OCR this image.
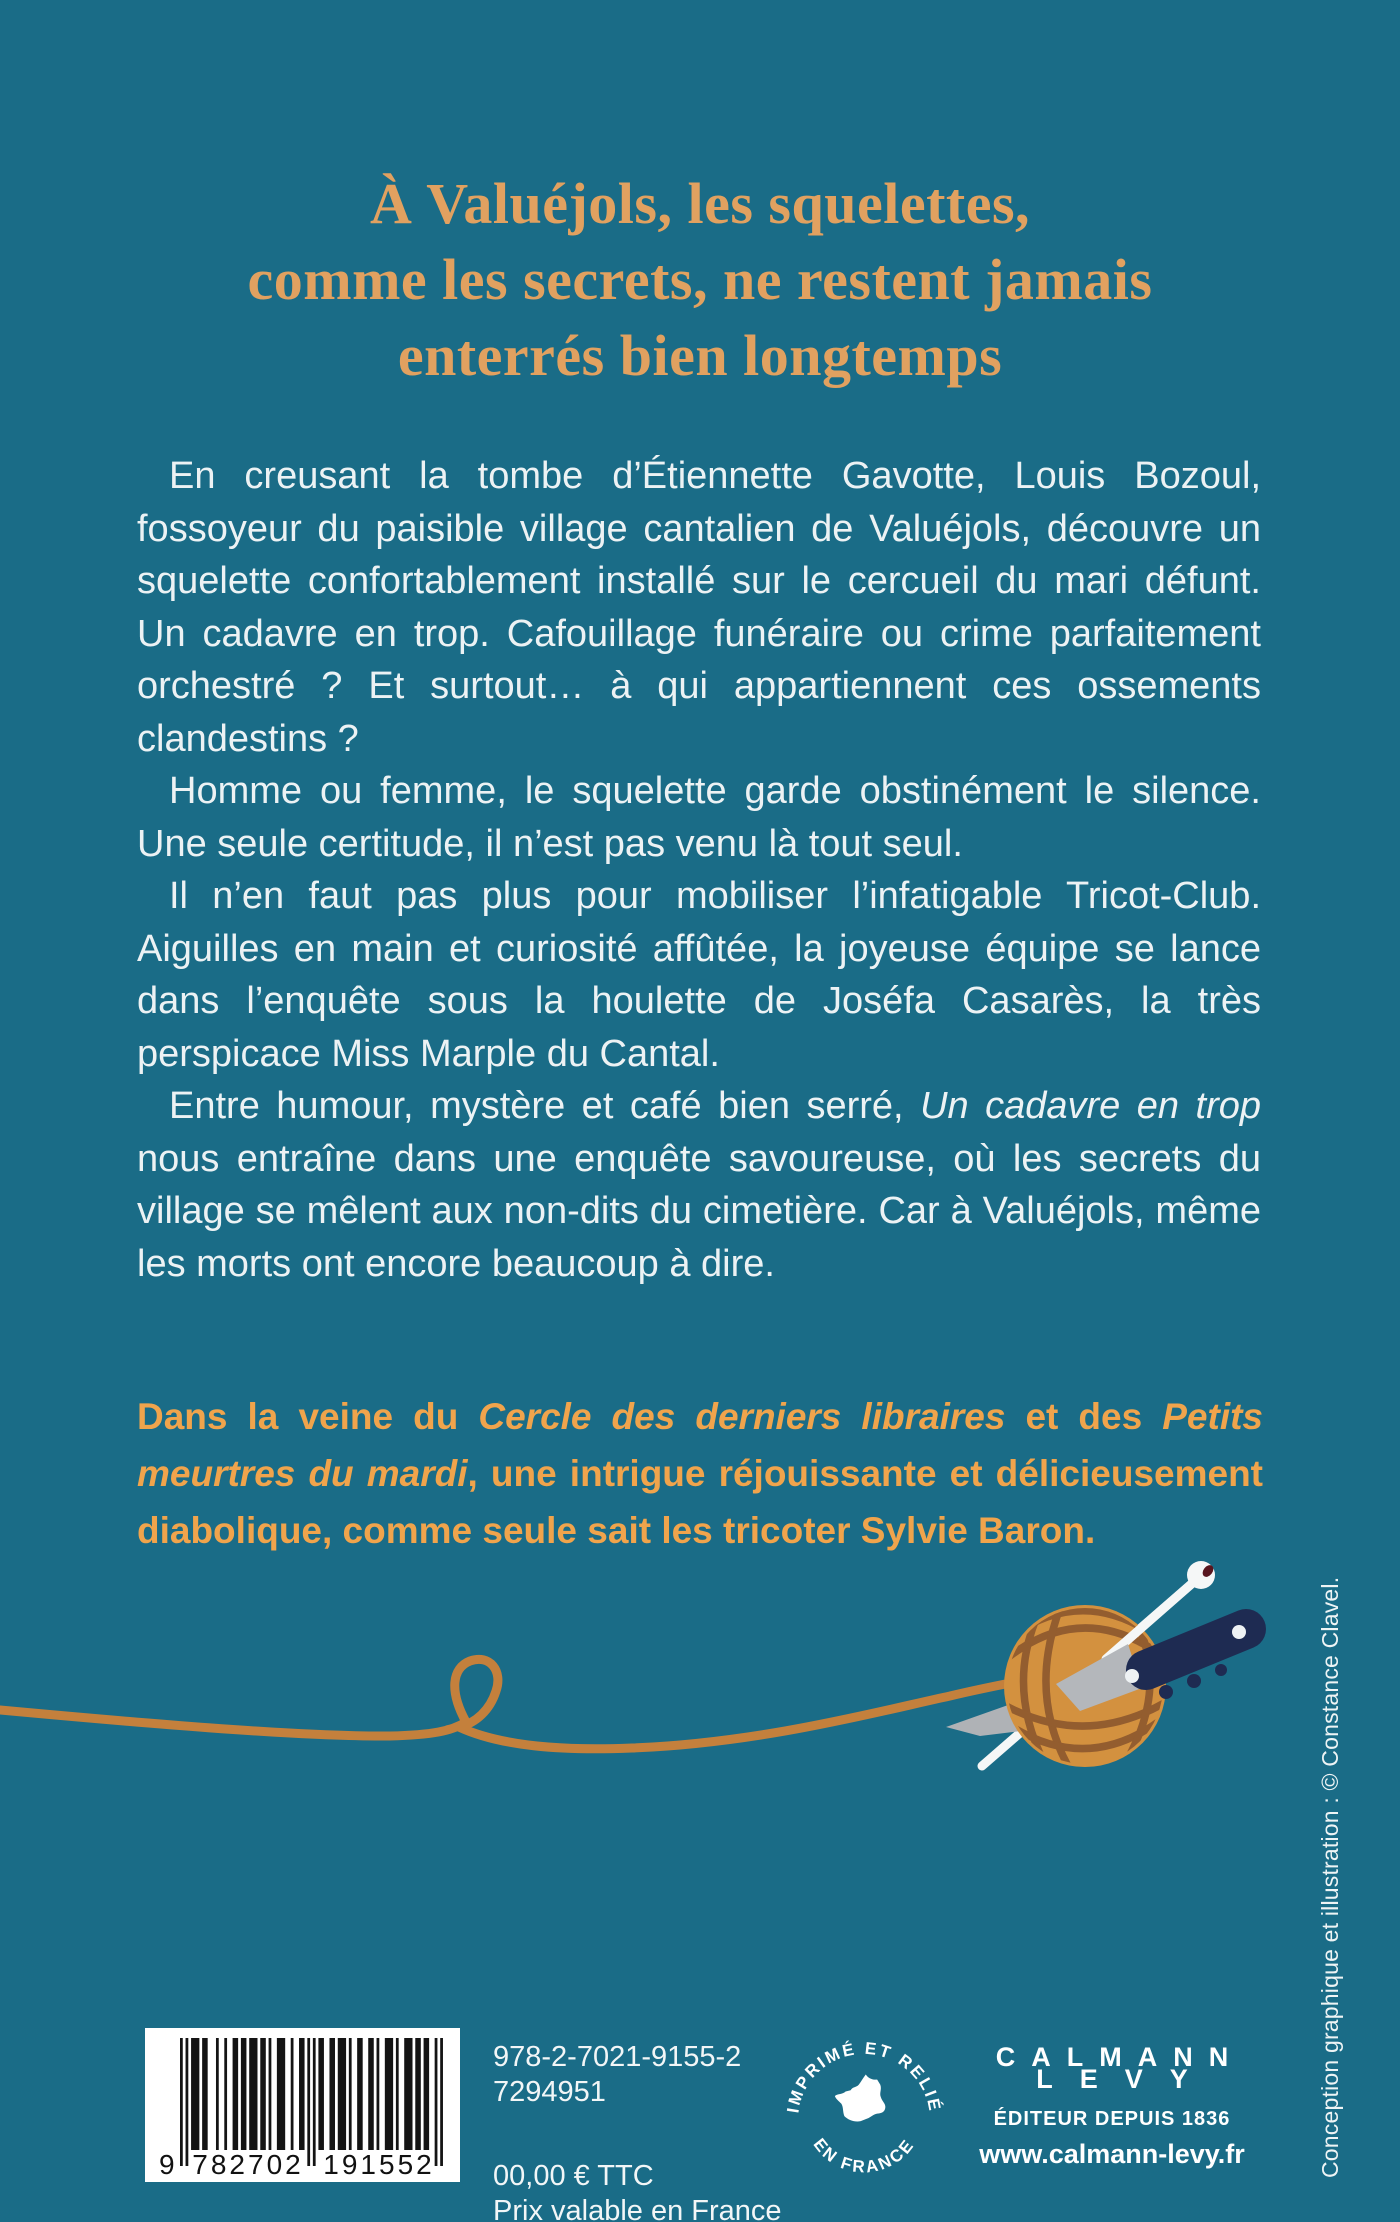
À Valuéjols, les squelettes,
comme les secrets, ne restent jamais
enterrés bien longtemps

En creusant la tombe d’Étiennette Gavotte, Louis Bozoul, fossoyeur du paisible village cantalien de Valuéjols, découvre un squelette confortablement installé sur le cercueil du mari défunt. Un cadavre en trop. Cafouillage funéraire ou crime parfaitement orchestré ? Et surtout… à qui appartiennent ces ossements clandestins ?

Homme ou femme, le squelette garde obstinément le silence. Une seule certitude, il n’est pas venu là tout seul.

Il n’en faut pas plus pour mobiliser l’infatigable Tricot-Club. Aiguilles en main et curiosité affûtée, la joyeuse équipe se lance dans l’enquête sous la houlette de Joséfa Casarès, la très perspicace Miss Marple du Cantal.

Entre humour, mystère et café bien serré, Un cadavre en trop nous entraîne dans une enquête savoureuse, où les secrets du village se mêlent aux non-dits du cimetière. Car à Valuéjols, même les morts ont encore beaucoup à dire.

Dans la veine du Cercle des derniers libraires et des Petits meurtres du mardi, une intrigue réjouissante et délicieusement diabolique, comme seule sait les tricoter Sylvie Baron.
Conception graphique et illustration : © Constance Clavel.
9 782702 191552
978-2-7021-9155-2
7294951
00,00 € TTC
Prix valable en France
IMPRIMÉ ET RELIÉ
EN FRANCE
CALMANN
LEVY
ÉDITEUR DEPUIS 1836
www.calmann-levy.fr
